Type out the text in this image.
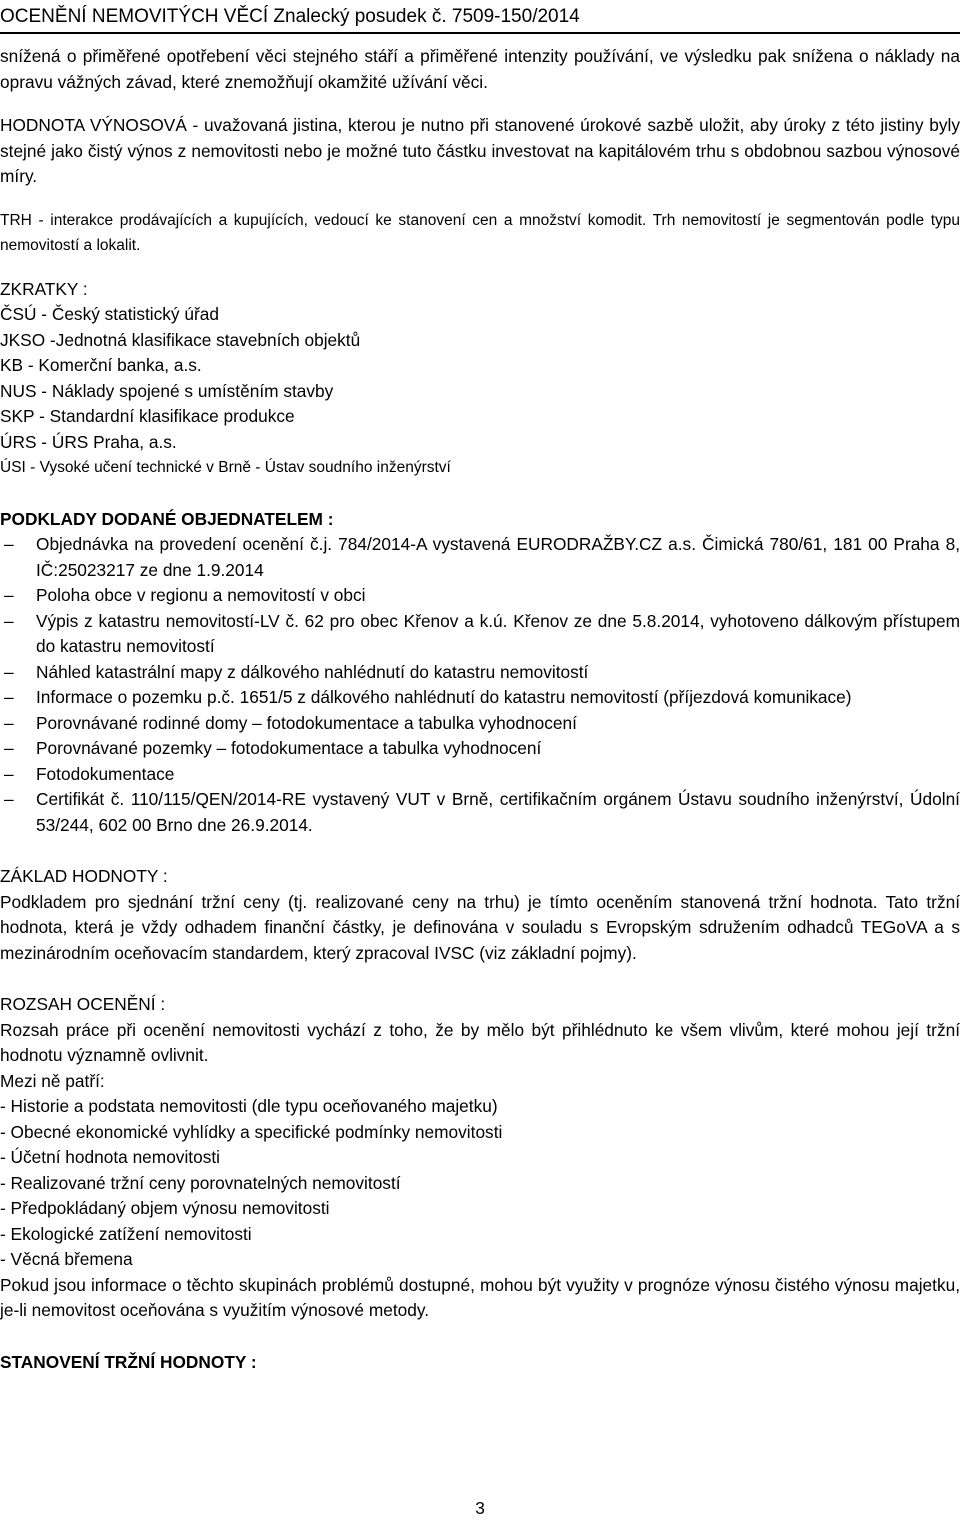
OCENĚNÍ NEMOVITÝCH VĚCÍ Znalecký posudek č. 7509-150/2014

snížená o přiměřené opotřebení věci stejného stáří a přiměřené intenzity používání, ve výsledku pak snížena o náklady na opravu vážných závad, které znemožňují okamžité užívání věci.

HODNOTA VÝNOSOVÁ - uvažovaná jistina, kterou je nutno při stanovené úrokové sazbě uložit, aby úroky z této jistiny byly stejné jako čistý výnos z nemovitosti nebo je možné tuto částku investovat na kapitálovém trhu s obdobnou sazbou výnosové míry.

TRH - interakce prodávajících a kupujících, vedoucí ke stanovení cen a množství komodit. Trh nemovitostí je segmentován podle typu nemovitostí a lokalit.

ZKRATKY :

ČSÚ - Český statistický úřad

JKSO -Jednotná klasifikace stavebních objektů

KB - Komerční banka, a.s.

NUS - Náklady spojené s umístěním stavby

SKP - Standardní klasifikace produkce

ÚRS - ÚRS Praha, a.s.

ÚSI - Vysoké učení technické v Brně - Ústav soudního inženýrství

PODKLADY DODANÉ OBJEDNATELEM :

– Objednávka na provedení ocenění č.j. 784/2014-A vystavená EURODRAŽBY.CZ a.s. Čimická 780/61, 181 00 Praha 8, IČ:25023217 ze dne 1.9.2014
– Poloha obce v regionu a nemovitostí v obci
– Výpis z katastru nemovitostí-LV č. 62 pro obec Křenov a k.ú. Křenov ze dne 5.8.2014, vyhotoveno dálkovým přístupem do katastru nemovitostí
– Náhled katastrální mapy z dálkového nahlédnutí do katastru nemovitostí
– Informace o pozemku p.č. 1651/5 z dálkového nahlédnutí do katastru nemovitostí (příjezdová komunikace)
– Porovnávané rodinné domy – fotodokumentace a tabulka vyhodnocení
– Porovnávané pozemky – fotodokumentace a tabulka vyhodnocení
– Fotodokumentace
– Certifikát č. 110/115/QEN/2014-RE vystavený VUT v Brně, certifikačním orgánem Ústavu soudního inženýrství, Údolní 53/244, 602 00 Brno dne 26.9.2014.

ZÁKLAD HODNOTY :

Podkladem pro sjednání tržní ceny (tj. realizované ceny na trhu) je tímto oceněním stanovená tržní hodnota. Tato tržní hodnota, která je vždy odhadem finanční částky, je definována v souladu s Evropským sdružením odhadců TEGoVA a s mezinárodním oceňovacím standardem, který zpracoval IVSC (viz základní pojmy).

ROZSAH OCENĚNÍ :

Rozsah práce při ocenění nemovitosti vychází z toho, že by mělo být přihlédnuto ke všem vlivům, které mohou její tržní hodnotu významně ovlivnit.

Mezi ně patří:

- Historie a podstata nemovitosti (dle typu oceňovaného majetku)

- Obecné ekonomické vyhlídky a specifické podmínky nemovitosti

- Účetní hodnota nemovitosti

- Realizované tržní ceny porovnatelných nemovitostí

- Předpokládaný objem výnosu nemovitosti

- Ekologické zatížení nemovitosti

- Věcná břemena

Pokud jsou informace o těchto skupinách problémů dostupné, mohou být využity v prognóze výnosu čistého výnosu majetku, je-li nemovitost oceňována s využitím výnosové metody.

STANOVENÍ TRŽNÍ HODNOTY :

3
